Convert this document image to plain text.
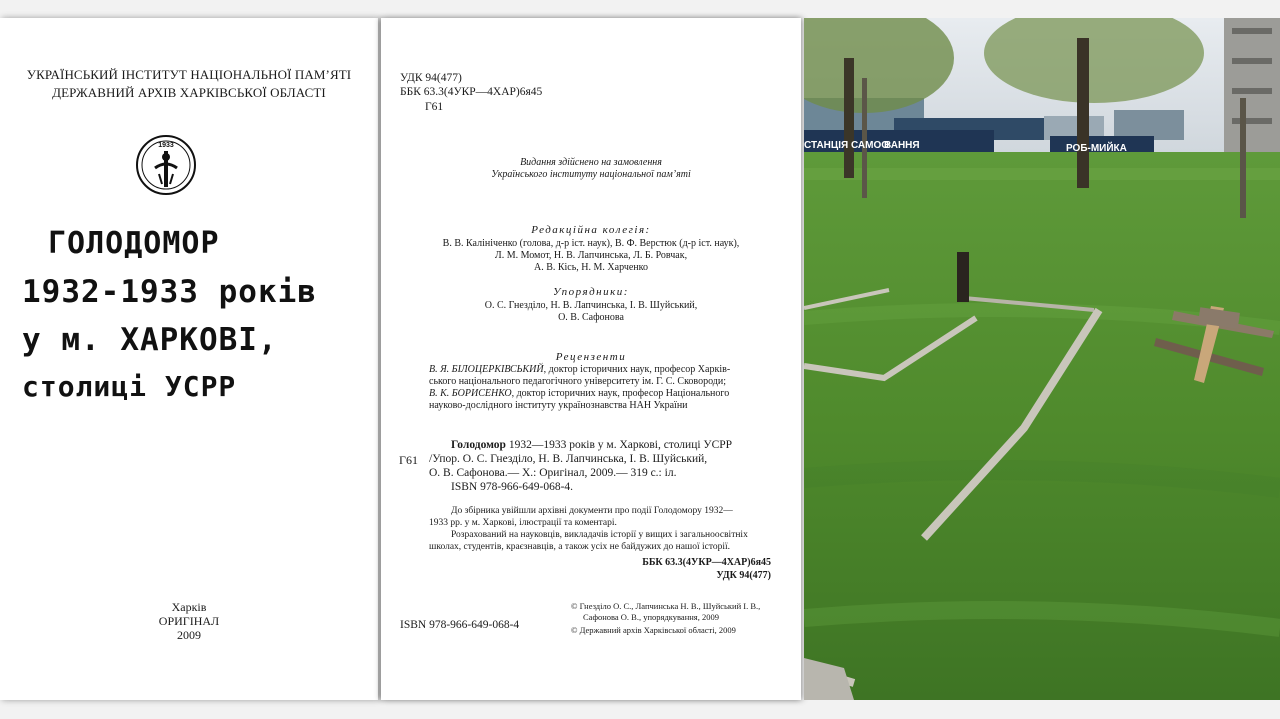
УКРАЇНСЬКИЙ ІНСТИТУТ НАЦІОНАЛЬНОЇ ПАМ’ЯТІ
ДЕРЖАВНИЙ АРХІВ ХАРКІВСЬКОЇ ОБЛАСТІ
1933
ГОЛОДОМОР
1932-1933 років
у м. ХАРКОВІ,
столиці УСРР
Харків
ОРИГІНАЛ
2009
УДК 94(477)
ББК 63.3(4УКР—4ХАР)6я45
Г61
Видання здійснено на замовлення
Українського інституту національної пам’яті
Редакційна колегія:
В. В. Калініченко (голова, д-р іст. наук), В. Ф. Верстюк (д-р іст. наук),
Л. М. Момот, Н. В. Лапчинська, Л. Б. Ровчак,
А. В. Кісь, Н. М. Харченко
Упорядники:
О. С. Гнезділо, Н. В. Лапчинська, І. В. Шуйський,
О. В. Сафонова
Рецензенти
В. Я. БІЛОЦЕРКІВСЬКИЙ, доктор історичних наук, професор Харків-
ського національного педагогічного університету ім. Г. С. Сковороди;
В. К. БОРИСЕНКО, доктор історичних наук, професор Національного
науково-дослідного інституту українознавства НАН України
Г61
Голодомор 1932—1933 років у м. Харкові, столиці УСРР
/Упор. О. С. Гнезділо, Н. В. Лапчинська, І. В. Шуйський,
О. В. Сафонова.— Х.: Оригінал, 2009.— 319 с.: іл.
ISBN 978-966-649-068-4.
До збірника увійшли архівні документи про події Голодомору 1932—
1933 рр. у м. Харкові, ілюстрації та коментарі.
Розрахований на науковців, викладачів історії у вищих і загальноосвітніх
школах, студентів, краєзнавців, а також усіх не байдужих до нашої історії.
ББК 63.3(4УКР—4ХАР)6я45
УДК 94(477)
ISBN 978-966-649-068-4
© Гнезділо О. С., Лапчинська Н. В., Шуйський І. В.,
Сафонова О. В., упорядкування, 2009
© Державний архів Харківської області, 2009
ВАННЯ	РОБ-МИЙКА
СТАНЦІЯ САМОО
